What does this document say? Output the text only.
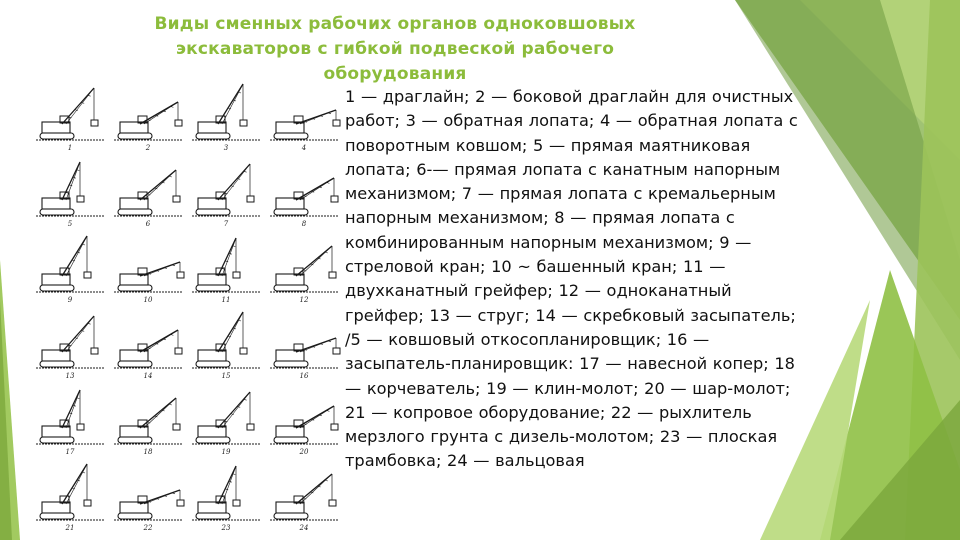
Виды сменных рабочих органов одноковшовых
экскаваторов с гибкой подвеской рабочего
оборудования
1	2	3	4
5	6	7	8
9	10	11	12
13	14	15	16
17	18	19	20
21	22	23	24
1 — драглайн; 2 — боковой драглайн для очистных работ; 3 — обратная лопата; 4 — обратная лопата с поворотным ковшом; 5 — прямая маятниковая лопата; 6-— прямая лопата с канатным напорным механизмом; 7 — прямая лопата с кремальерным напорным механизмом; 8 — прямая лопата с комбинированным напорным механизмом; 9 — стреловой кран; 10 ~ башенный кран; 11 — двухканатный грейфер; 12 — одноканатный грейфер; 13 — струг; 14 — скребковый засыпатель; /5 — ковшовый откосопланировщик; 16 — засыпатель-планировщик: 17 — навесной копер; 18 — корчеватель; 19 — клин-молот; 20 — шар-молот; 21 — копровое оборудование; 22 — рыхлитель мерзлого грунта с дизель-молотом; 23 — плоская трамбовка; 24 — вальцовая
